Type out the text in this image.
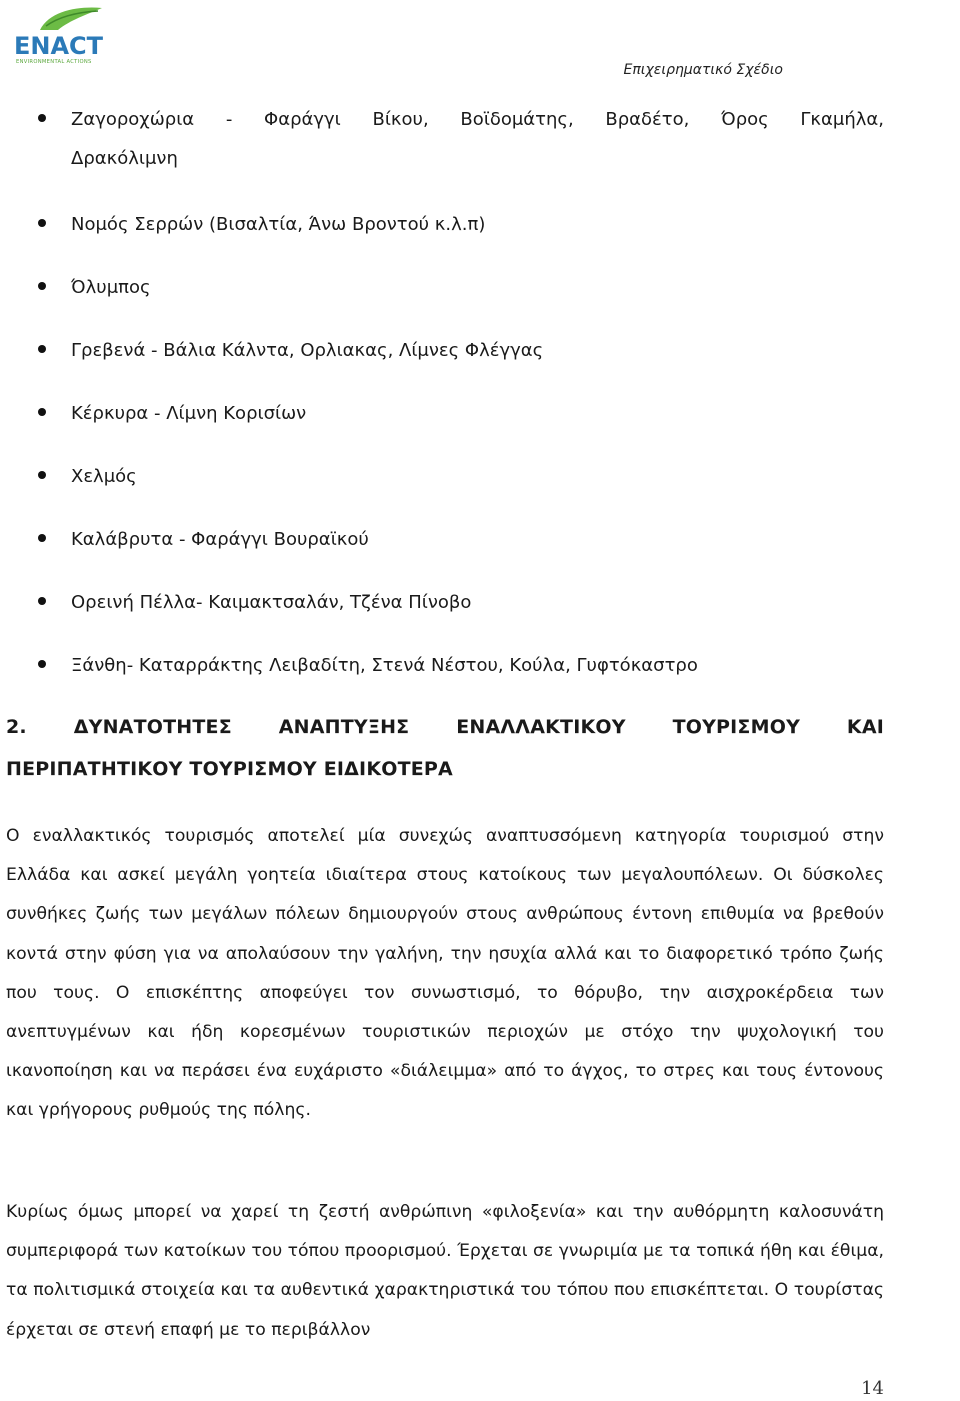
ENACT
ENVIRONMENTAL ACTIONS	Επιχειρηματικό Σχέδιο
Ζαγοροχώρια - Φαράγγι Βίκου, Βοϊδομάτης, Βραδέτο, Όρος Γκαμήλα,
Δρακόλιμνη
Νομός Σερρών (Βισαλτία, Άνω Βροντού κ.λ.π)
Όλυμπος
Γρεβενά - Βάλια Κάλντα, Ορλιακας, Λίμνες Φλέγγας
Κέρκυρα - Λίμνη Κορισίων
Χελμός
Καλάβρυτα - Φαράγγι Βουραϊκού
Ορεινή Πέλλα- Καιμακτσαλάν, Τζένα Πίνοβο
Ξάνθη- Καταρράκτης Λειβαδίτη, Στενά Νέστου, Κούλα, Γυφτόκαστρο
2. ΔΥΝΑΤΟΤΗΤΕΣ ΑΝΑΠΤΥΞΗΣ ΕΝΑΛΛΑΚΤΙΚΟΥ ΤΟΥΡΙΣΜΟΥ ΚΑΙ
ΠΕΡΙΠΑΤΗΤΙΚΟΥ ΤΟΥΡΙΣΜΟΥ ΕΙΔΙΚΟΤΕΡΑ

Ο εναλλακτικός τουρισμός αποτελεί μία συνεχώς αναπτυσσόμενη κατηγορία τουρισμού στην Ελλάδα και ασκεί μεγάλη γοητεία ιδιαίτερα στους κατοίκους των μεγαλουπόλεων. Οι δύσκολες συνθήκες ζωής των μεγάλων πόλεων δημιουργούν στους ανθρώπους έντονη επιθυμία να βρεθούν κοντά στην φύση για να απολαύσουν την γαλήνη, την ησυχία αλλά και το διαφορετικό τρόπο ζωής που τους. Ο επισκέπτης αποφεύγει τον συνωστισμό, το θόρυβο, την αισχροκέρδεια των ανεπτυγμένων και ήδη κορεσμένων τουριστικών περιοχών με στόχο την ψυχολογική του ικανοποίηση και να περάσει ένα ευχάριστο «διάλειμμα» από το άγχος, το στρες και τους έντονους και γρήγορους ρυθμούς της πόλης.

Κυρίως όμως μπορεί να χαρεί τη ζεστή ανθρώπινη «φιλοξενία» και την αυθόρμητη καλοσυνάτη συμπεριφορά των κατοίκων του τόπου προορισμού. Έρχεται σε γνωριμία με τα τοπικά ήθη και έθιμα, τα πολιτισμικά στοιχεία και τα αυθεντικά χαρακτηριστικά του τόπου που επισκέπτεται. Ο τουρίστας έρχεται σε στενή επαφή με το περιβάλλον

14
